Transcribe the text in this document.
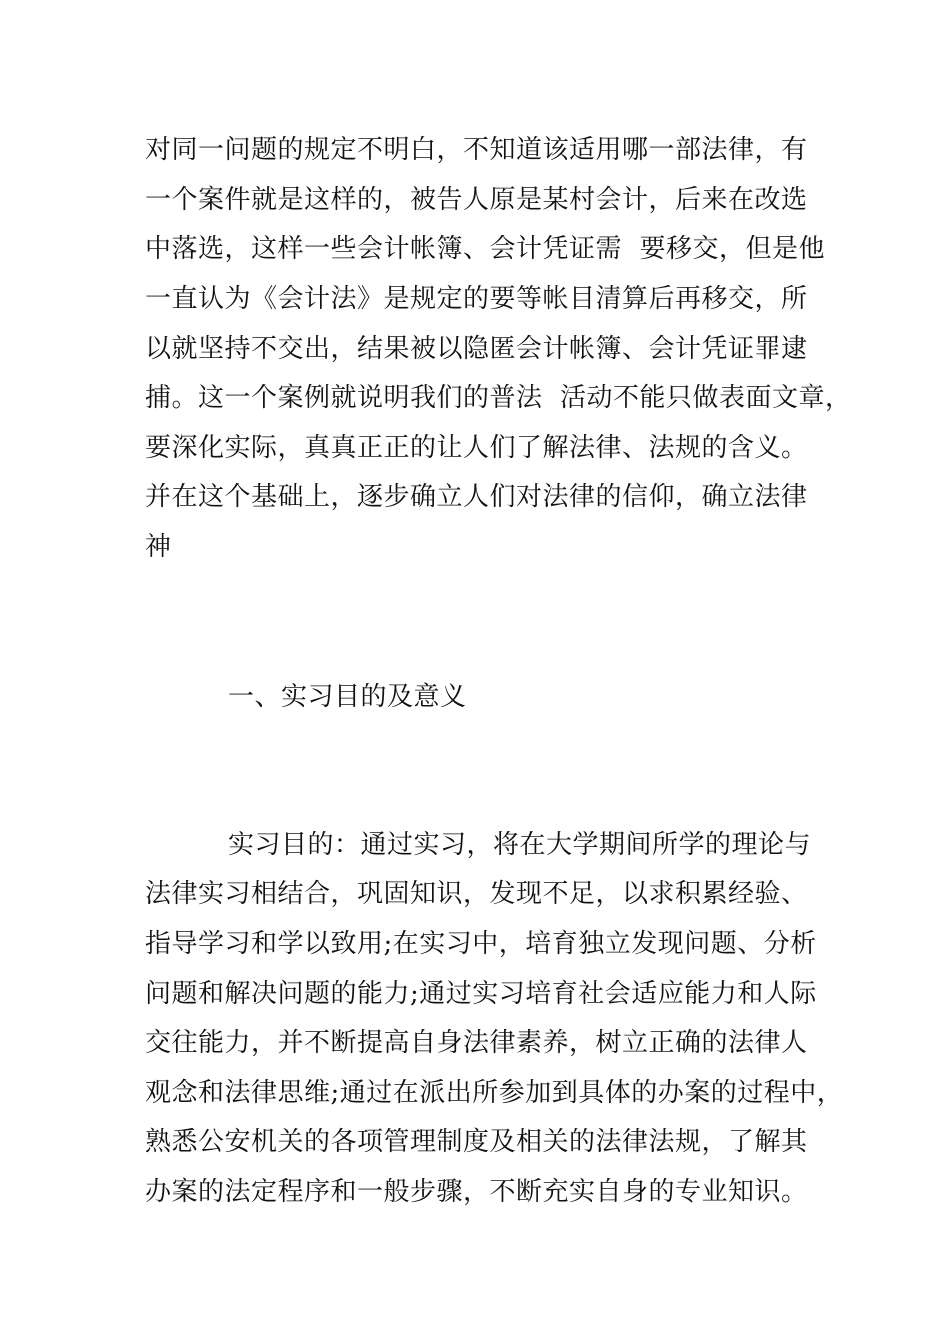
对同一问题的规定不明白，不知道该适用哪一部法律，有
一个案件就是这样的，被告人原是某村会计，后来在改选
中落选，这样一些会计帐簿、会计凭证需  要移交，但是他
一直认为《会计法》是规定的要等帐目清算后再移交，所
以就坚持不交出，结果被以隐匿会计帐簿、会计凭证罪逮
捕。这一个案例就说明我们的普法  活动不能只做表面文章，
要深化实际，真真正正的让人们了解法律、法规的含义。
并在这个基础上，逐步确立人们对法律的信仰，确立法律
神
一、实习目的及意义
实习目的：通过实习，将在大学期间所学的理论与
法律实习相结合，巩固知识，发现不足，以求积累经验、
指导学习和学以致用;在实习中，培育独立发现问题、分析
问题和解决问题的能力;通过实习培育社会适应能力和人际
交往能力，并不断提高自身法律素养，树立正确的法律人
观念和法律思维;通过在派出所参加到具体的办案的过程中，
熟悉公安机关的各项管理制度及相关的法律法规，了解其
办案的法定程序和一般步骤，不断充实自身的专业知识。
